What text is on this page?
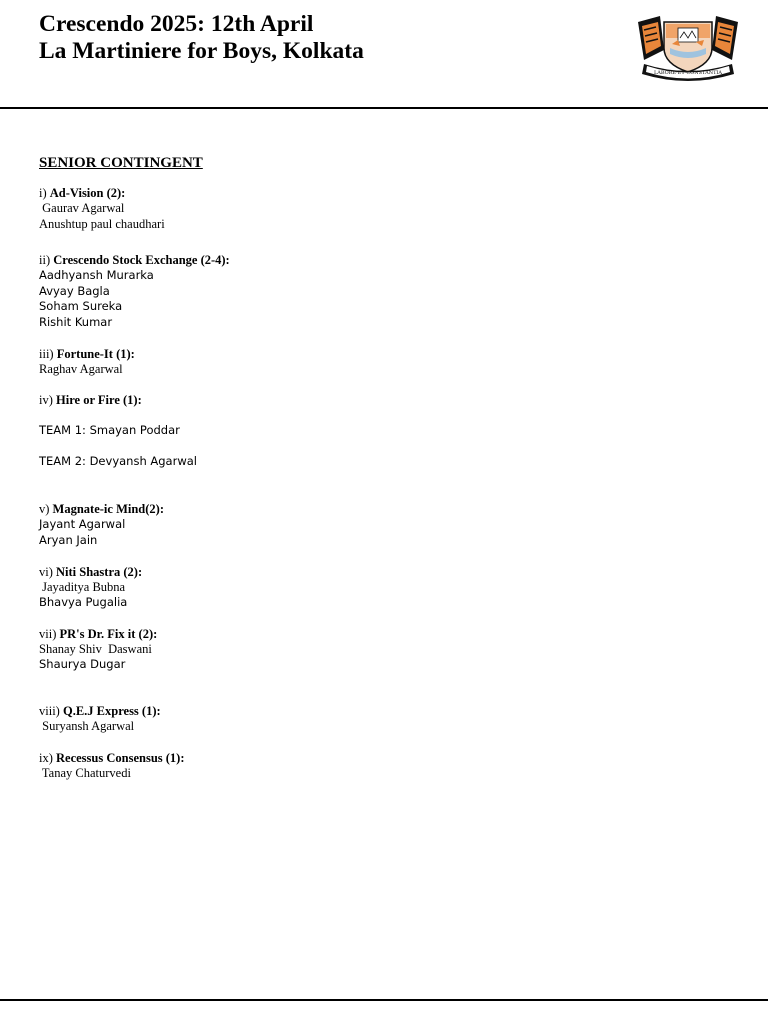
Crescendo 2025: 12th April
La Martiniere for Boys, Kolkata
LABORE·ET·CONSTANTIA
SENIOR CONTINGENT
i) Ad-Vision (2):
Gaurav Agarwal
Anushtup paul chaudhari
ii) Crescendo Stock Exchange (2-4):
Aadhyansh Murarka
Avyay Bagla
Soham Sureka
Rishit Kumar
iii) Fortune-It (1):
Raghav Agarwal
iv) Hire or Fire (1):
TEAM 1: Smayan Poddar
TEAM 2: Devyansh Agarwal
v) Magnate-ic Mind(2):
Jayant Agarwal
Aryan Jain
vi) Niti Shastra (2):
Jayaditya Bubna
Bhavya Pugalia
vii) PR's Dr. Fix it (2):
Shanay Shiv  Daswani
Shaurya Dugar
viii) Q.E.J Express (1):
Suryansh Agarwal
ix) Recessus Consensus (1):
Tanay Chaturvedi
